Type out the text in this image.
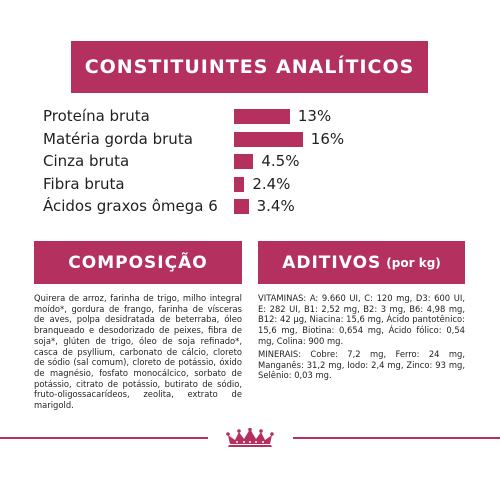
CONSTITUINTES ANALÍTICOS
Proteína bruta	13%
Matéria gorda bruta	16%
Cinza bruta	4.5%
Fibra bruta	2.4%
Ácidos graxos ômega 6	3.4%
COMPOSIÇÃO	ADITIVOS (por kg)
Quirera de arroz, farinha de trigo, milho integral moído*, gordura de frango, farinha de vísceras de aves, polpa desidratada de beterraba, óleo branqueado e desodorizado de peixes, fibra de soja*, glúten de trigo, óleo de soja refinado*, casca de psyllium, carbonato de cálcio, cloreto de sódio (sal comum), cloreto de potássio, óxido de magnésio, fosfato monocálcico, sorbato de potássio, citrato de potássio, butirato de sódio, fruto-oligossacarídeos, zeolita, extrato de marigold.
VITAMINAS: A: 9.660 UI, C: 120 mg, D3: 600 UI, E: 282 UI, B1: 2,52 mg, B2: 3 mg, B6: 4,98 mg, B12: 42 µg, Niacina: 15,6 mg, Ácido pantotênico: 15,6 mg, Biotina: 0,654 mg, Ácido fólico: 0,54 mg, Colina: 900 mg.
MINERAIS: Cobre: 7,2 mg, Ferro: 24 mg, Manganês: 31,2 mg, Iodo: 2,4 mg, Zinco: 93 mg, Selênio: 0,03 mg.
